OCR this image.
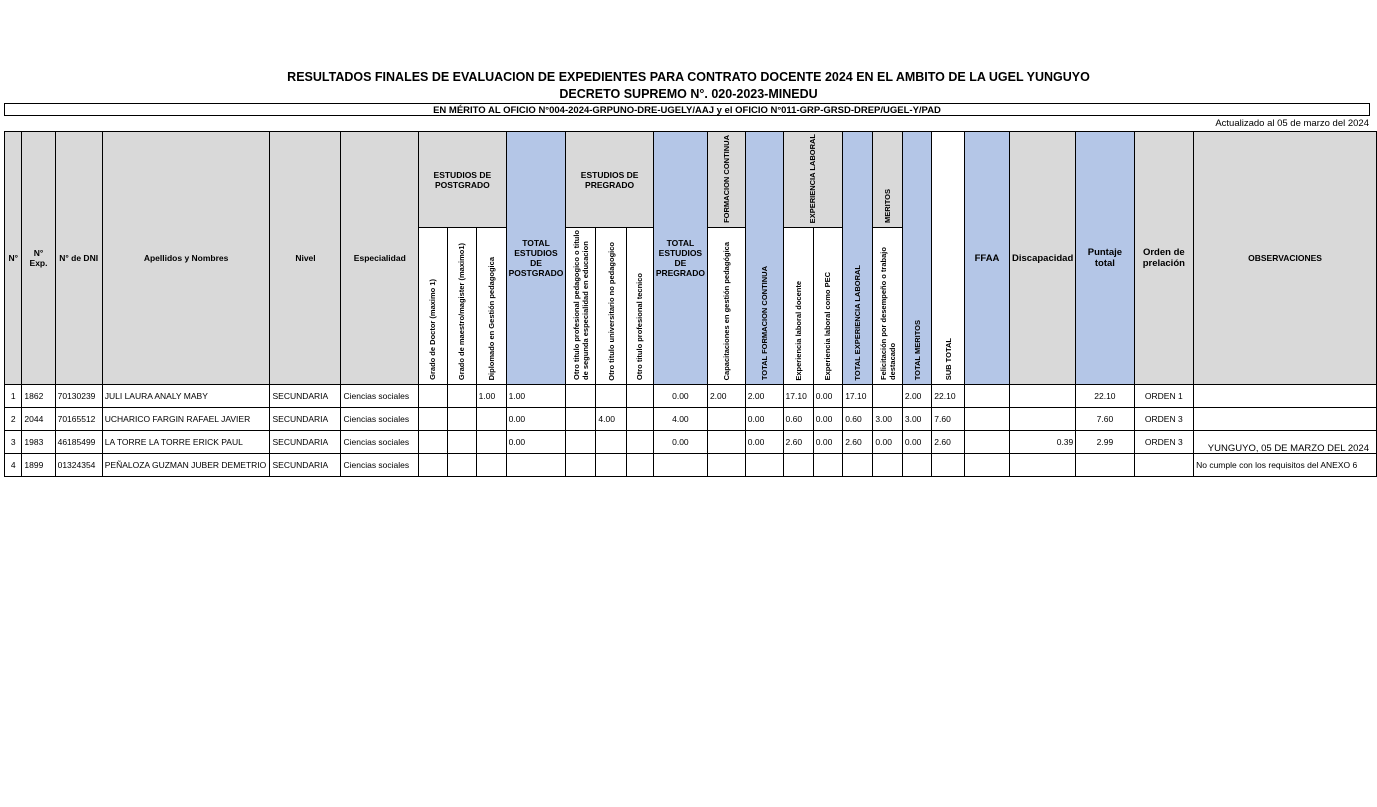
RESULTADOS FINALES DE EVALUACION DE EXPEDIENTES PARA CONTRATO DOCENTE 2024 EN EL AMBITO DE LA UGEL YUNGUYO
DECRETO SUPREMO N°. 020-2023-MINEDU
EN MÉRITO AL OFICIO N°004-2024-GRPUNO-DRE-UGELY/AAJ y el OFICIO N°011-GRP-GRSD-DREP/UGEL-Y/PAD
Actualizado al 05 de marzo del 2024
N°	N° Exp.	N° de DNI	Apellidos y Nombres	Nivel	Especialidad	ESTUDIOS DE POSTGRADO			TOTAL ESTUDIOS DE POSTGRADO	ESTUDIOS DE PREGRADO			TOTAL ESTUDIOS DE PREGRADO	FORMACION CONTINUA	TOTAL FORMACION CONTINUA	EXPERIENCIA LABORAL		TOTAL EXPERIENCIA LABORAL	MERITOS	TOTAL MERITOS	SUB TOTAL	FFAA	Discapacidad	Puntaje total	Orden de prelación	OBSERVACIONES
						Grado de Doctor (maximo 1)	Grado de maestro/magister (maximo1)	Diplomado en Gestión pedagogica		Otro titulo profesional pedagogico o titulo de segunda especialidad en educacion	Otro titulo universitario no pedagogico	Otro titulo profesional tecnico		Capacitaciones en gestión pedagógica		Experiencia laboral docente	Experiencia laboral como PEC		Felicitación por desempeño o trabajo destacado							
1	1862	70130239	JULI LAURA ANALY MABY	SECUNDARIA	Ciencias sociales			1.00	1.00				0.00	2.00	2.00	17.10	0.00	17.10		2.00	22.10			22.10	ORDEN 1	
2	2044	70165512	UCHARICO FARGIN RAFAEL JAVIER	SECUNDARIA	Ciencias sociales				0.00		4.00		4.00		0.00	0.60	0.00	0.60	3.00	3.00	7.60			7.60	ORDEN 3	
3	1983	46185499	LA TORRE LA TORRE ERICK PAUL	SECUNDARIA	Ciencias sociales				0.00				0.00		0.00	2.60	0.00	2.60	0.00	0.00	2.60		0.39	2.99	ORDEN 3	
4	1899	01324354	PEÑALOZA GUZMAN JUBER DEMETRIO	SECUNDARIA	Ciencias sociales																					No cumple con los requisitos del ANEXO 6
YUNGUYO, 05 DE MARZO DEL 2024
